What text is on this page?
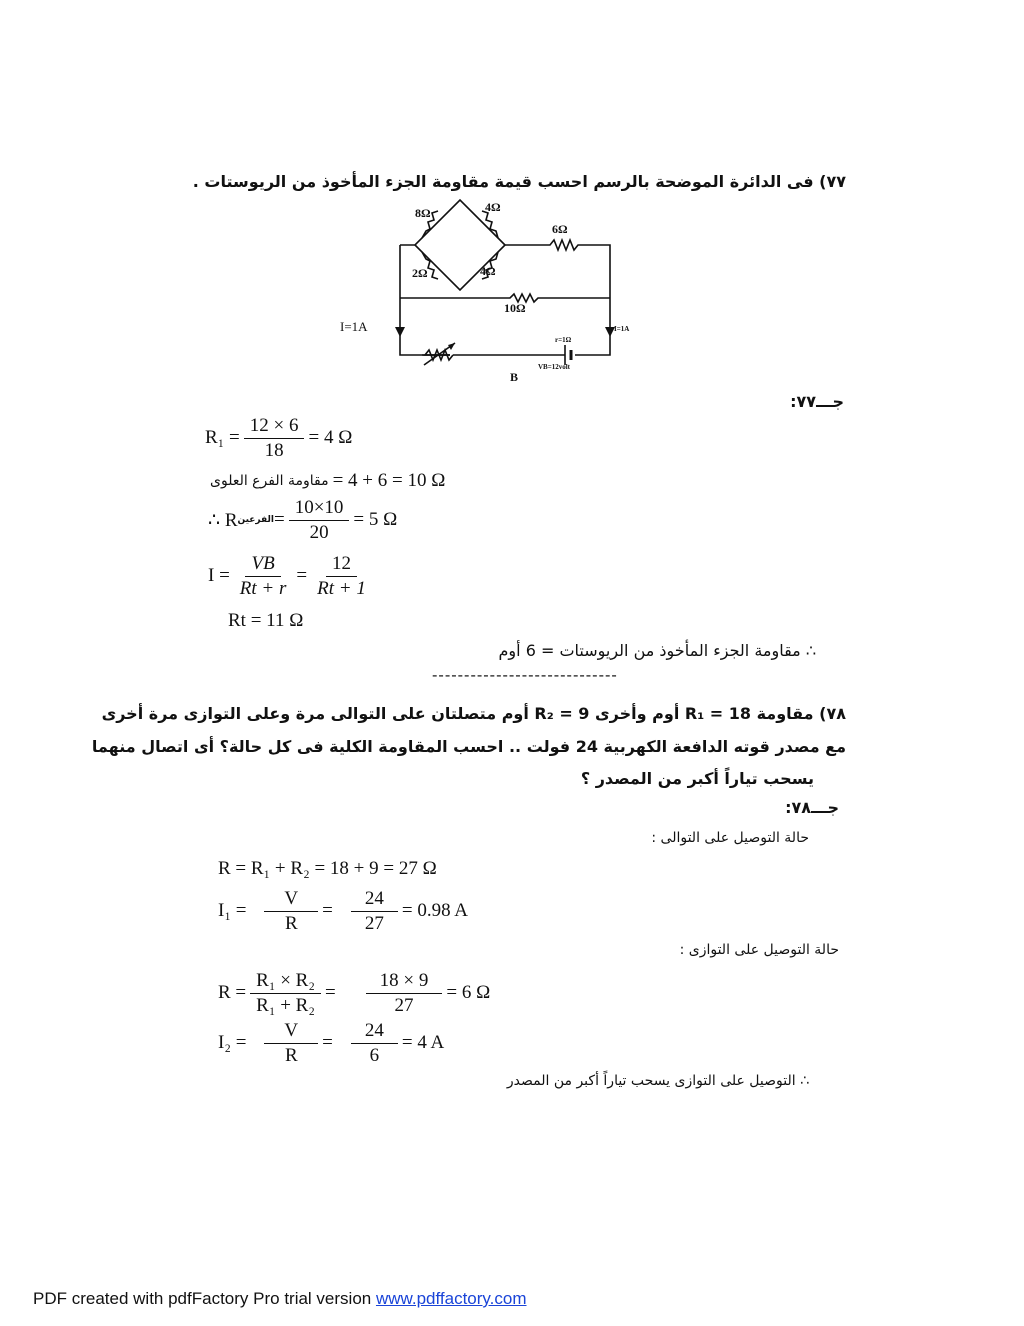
٧٧) فى الدائرة الموضحة بالرسم احسب قيمة مقاومة الجزء المأخوذ من الريوستات .
8Ω	4Ω
2Ω	4Ω
6Ω
10Ω
I=1A	I=1A
r=1Ω
VB=12volt
B
جـــ٧٧:
$R_1 = \frac{12 \times 6}{18} = 4$ Ω
مقاومة الفرع العلوى = 4 + 6 = 10 Ω
∴ R الفرعين = $\frac{10\times 10}{20} = 5$ Ω
$I = \frac{VB}{Rt + r} = \frac{12}{Rt + 1}$
Rt = 11 Ω
∴ مقاومة الجزء المأخوذ من الريوستات = 6 أوم
-----------------------------
٧٨) مقاومة R₁ = 18 أوم وأخرى R₂ = 9 أوم متصلتان على التوالى مرة وعلى التوازى مرة أخرى
مع مصدر قوته الدافعة الكهربية 24 فولت .. احسب المقاومة الكلية فى كل حالة؟ أى اتصال منهما
يسحب تياراً أكبر من المصدر ؟
جـــ٧٨:
حالة التوصيل على التوالى :
R = R₁ + R₂ = 18 + 9 = 27 Ω
$I_1 = \frac{V}{R} = \frac{24}{27} = 0.98$ A
حالة التوصيل على التوازى :
$R = \frac{\text{R₁ × R₂}}{\text{R₁ + R₂}} = \frac{18 \times 9}{27} = 6$ Ω
$I_2 = \frac{V}{R} = \frac{24}{6} = 4$ A
∴ التوصيل على التوازى يسحب تياراً أكبر من المصدر
PDF created with pdfFactory Pro trial version www.pdffactory.com
